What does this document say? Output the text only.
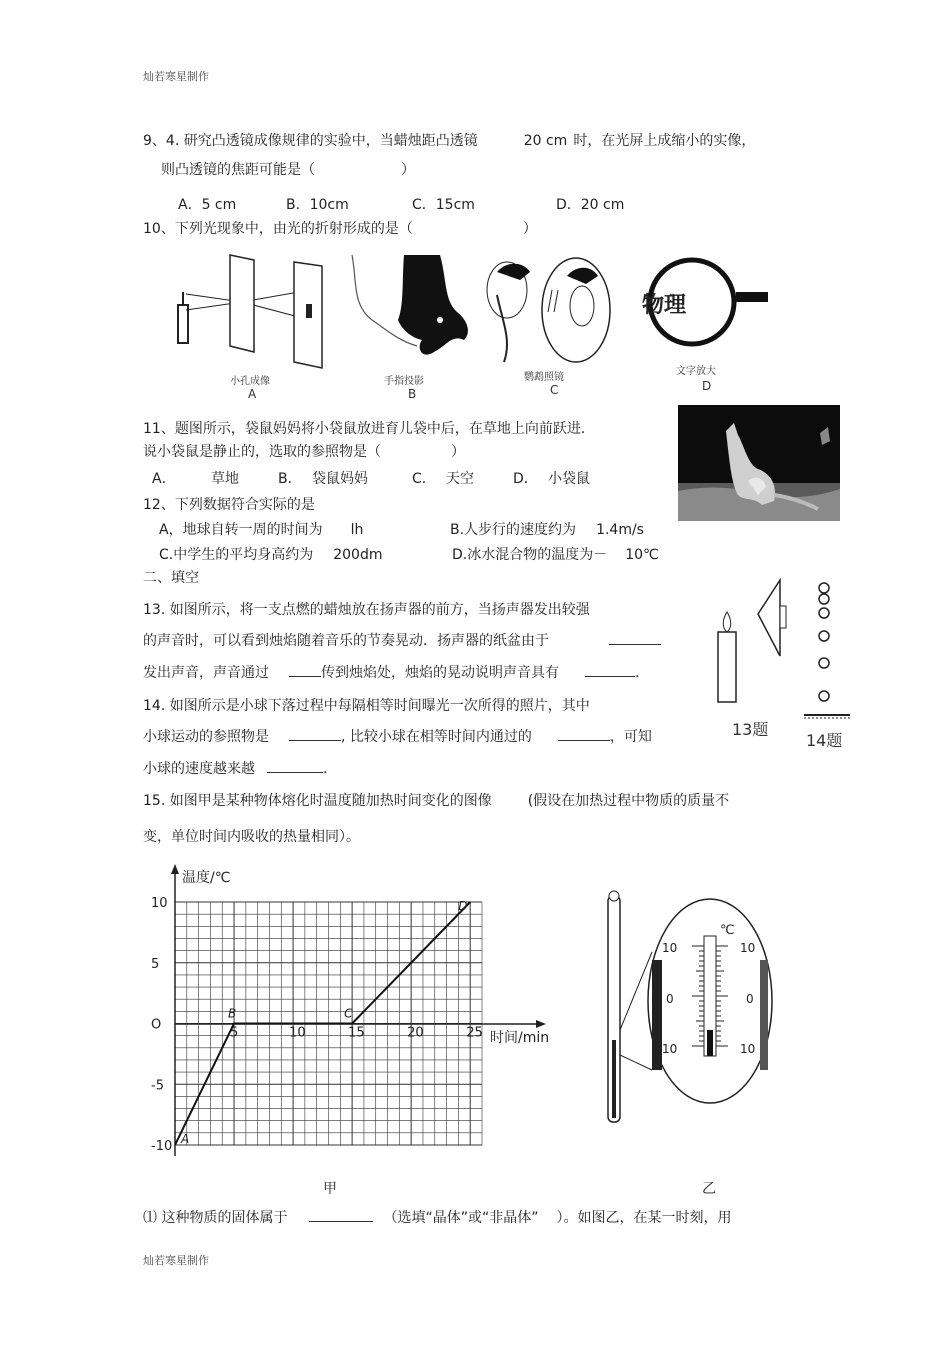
灿若寒星制作
9、4. 研究凸透镜成像规律的实验中，当蜡烛距凸透镜	20 cm 时，在光屏上成缩小的实像，
则凸透镜的焦距可能是（	）
A．5 cm	B．10cm	C．15cm	D．20 cm
10、下列光现象中，由光的折射形成的是（	）
小孔成像
A
手指投影
B
鹦鹉照镜
C
物理
文字放大
D
11、题图所示，袋鼠妈妈将小袋鼠放进育儿袋中后，在草地上向前跃进.
说小袋鼠是静止的，选取的参照物是（	）
A．	草地	B． 袋鼠妈妈	C． 天空	D． 小袋鼠
12、下列数据符合实际的是
A，地球自转一周的时间为 lh	B.人步行的速度约为 1.4m/s
C.中学生的平均身高约为 200dm	D.冰水混合物的温度为－ 10℃
二、填空
13. 如图所示，将一支点燃的蜡烛放在扬声器的前方，当扬声器发出较强
的声音时，可以看到烛焰随着音乐的节奏晃动．扬声器的纸盆由于
发出声音，声音通过	传到烛焰处，烛焰的晃动说明声音具有	.
13题
14题
14. 如图所示是小球下落过程中每隔相等时间曝光一次所得的照片，其中
小球运动的参照物是	, 比较小球在相等时间内通过的	，可知
小球的速度越来越	.
15. 如图甲是某种物体熔化时温度随加热时间变化的图像	(假设在加热过程中物质的质量不
变，单位时间内吸收的热量相同）。
温度/℃
时间/min
5	10	15	20	25
10
5
O
-5
-10 A
B	C
D
甲
℃
10
0
10
10
0
10
乙
⑴ 这种物质的固体属于	（选填“晶体”或“非晶体” ）。如图乙，在某一时刻，用
灿若寒星制作
